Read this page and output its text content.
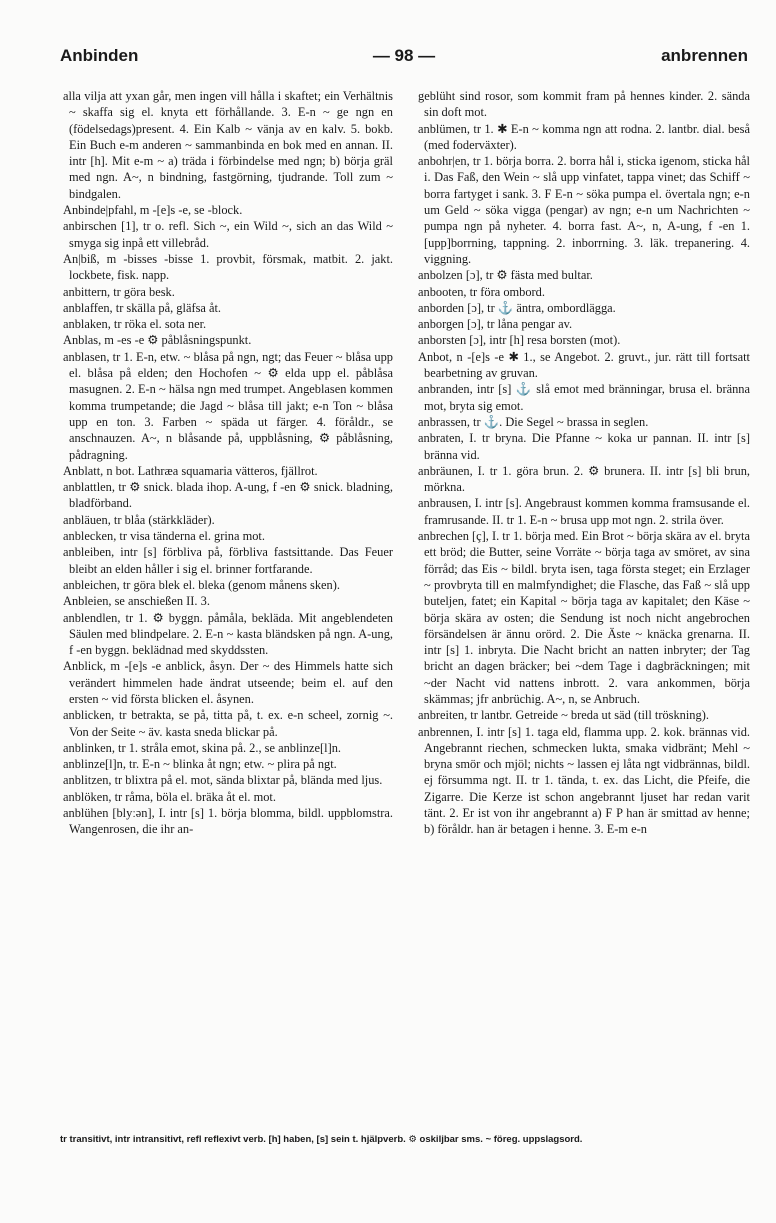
Anbinden	— 98 —	anbrennen

alla vilja att yxan går, men ingen vill hålla i skaftet; ein Verhältnis ~ skaffa sig el. knyta ett förhållande. 3. E-n ~ ge ngn en (födelsedags)present. 4. Ein Kalb ~ vänja av en kalv. 5. bokb. Ein Buch e-m anderen ~ sammanbinda en bok med en annan. II. intr [h]. Mit e-m ~ a) träda i förbindelse med ngn; b) börja gräl med ngn. A~, n bindning, fastgörning, tjudrande. Toll zum ~ bindgalen.

Anbinde|pfahl, m -[e]s -e, se -block.

anbirschen [1], tr o. refl. Sich ~, ein Wild ~, sich an das Wild ~ smyga sig inpå ett villebråd.

An|biß, m -bisses -bisse 1. provbit, försmak, matbit. 2. jakt. lockbete, fisk. napp.

anbittern, tr göra besk.

anblaffen, tr skälla på, gläfsa åt.

anblaken, tr röka el. sota ner.

Anblas, m -es -e ⚙ påblåsningspunkt.

anblasen, tr 1. E-n, etw. ~ blåsa på ngn, ngt; das Feuer ~ blåsa upp el. blåsa på elden; den Hochofen ~ ⚙ elda upp el. påblåsa masugnen. 2. E-n ~ hälsa ngn med trumpet. Angeblasen kommen komma trumpetande; die Jagd ~ blåsa till jakt; e-n Ton ~ blåsa upp en ton. 3. Farben ~ späda ut färger. 4. föråldr., se anschnauzen. A~, n blåsande på, uppblåsning, ⚙ påblåsning, pådragning.

Anblatt, n bot. Lathræa squamaria vätteros, fjällrot.

anblattlen, tr ⚙ snick. blada ihop. A-ung, f -en ⚙ snick. bladning, bladförband.

anbläuen, tr blåa (stärkkläder).

anblecken, tr visa tänderna el. grina mot.

anbleiben, intr [s] förbliva på, förbliva fastsittande. Das Feuer bleibt an elden håller i sig el. brinner fortfarande.

anbleichen, tr göra blek el. bleka (genom månens sken).

Anbleien, se anschießen II. 3.

anblendlen, tr 1. ⚙ byggn. påmåla, bekläda. Mit angeblendeten Säulen med blindpelare. 2. E-n ~ kasta bländsken på ngn. A-ung, f -en byggn. beklädnad med skyddssten.

Anblick, m -[e]s -e anblick, åsyn. Der ~ des Himmels hatte sich verändert himmelen hade ändrat utseende; beim el. auf den ersten ~ vid första blicken el. åsynen.

anblicken, tr betrakta, se på, titta på, t. ex. e-n scheel, zornig ~. Von der Seite ~ äv. kasta sneda blickar på.

anblinken, tr 1. stråla emot, skina på. 2., se anblinze[l]n.

anblinze[l]n, tr. E-n ~ blinka åt ngn; etw. ~ plira på ngt.

anblitzen, tr blixtra på el. mot, sända blixtar på, blända med ljus.

anblöken, tr råma, böla el. bräka åt el. mot.

anblühen [blyːən], I. intr [s] 1. börja blomma, bildl. uppblomstra. Wangenrosen, die ihr an-

geblüht sind rosor, som kommit fram på hennes kinder. 2. sända sin doft mot.

anblümen, tr 1. ✱ E-n ~ komma ngn att rodna. 2. lantbr. dial. beså (med foderväxter).

anbohr|en, tr 1. börja borra. 2. borra hål i, sticka igenom, sticka hål i. Das Faß, den Wein ~ slå upp vinfatet, tappa vinet; das Schiff ~ borra fartyget i sank. 3. F E-n ~ söka pumpa el. övertala ngn; e-n um Geld ~ söka vigga (pengar) av ngn; e-n um Nachrichten ~ pumpa ngn på nyheter. 4. borra fast. A~, n, A-ung, f -en 1. [upp]borrning, tappning. 2. inborrning. 3. läk. trepanering. 4. viggning.

anbolzen [ɔ], tr ⚙ fästa med bultar.

anbooten, tr föra ombord.

anborden [ɔ], tr ⚓ äntra, ombordlägga.

anborgen [ɔ], tr låna pengar av.

anborsten [ɔ], intr [h] resa borsten (mot).

Anbot, n -[e]s -e ✱ 1., se Angebot. 2. gruvt., jur. rätt till fortsatt bearbetning av gruvan.

anbranden, intr [s] ⚓ slå emot med bränningar, brusa el. bränna mot, bryta sig emot.

anbrassen, tr ⚓. Die Segel ~ brassa in seglen.

anbraten, I. tr bryna. Die Pfanne ~ koka ur pannan. II. intr [s] bränna vid.

anbräunen, I. tr 1. göra brun. 2. ⚙ brunera. II. intr [s] bli brun, mörkna.

anbrausen, I. intr [s]. Angebraust kommen komma framsusande el. framrusande. II. tr 1. E-n ~ brusa upp mot ngn. 2. strila över.

anbrechen [ç], I. tr 1. börja med. Ein Brot ~ börja skära av el. bryta ett bröd; die Butter, seine Vorräte ~ börja taga av smöret, av sina förråd; das Eis ~ bildl. bryta isen, taga första steget; ein Erzlager ~ provbryta till en malmfyndighet; die Flasche, das Faß ~ slå upp buteljen, fatet; ein Kapital ~ börja taga av kapitalet; den Käse ~ börja skära av osten; die Sendung ist noch nicht angebrochen försändelsen är ännu orörd. 2. Die Äste ~ knäcka grenarna. II. intr [s] 1. inbryta. Die Nacht bricht an natten inbryter; der Tag bricht an dagen bräcker; bei ~dem Tage i dagbräckningen; mit ~der Nacht vid nattens inbrott. 2. vara ankommen, börja skämmas; jfr anbrüchig. A~, n, se Anbruch.

anbreiten, tr lantbr. Getreide ~ breda ut säd (till tröskning).

anbrennen, I. intr [s] 1. taga eld, flamma upp. 2. kok. brännas vid. Angebrannt riechen, schmecken lukta, smaka vidbränt; Mehl ~ bryna smör och mjöl; nichts ~ lassen ej låta ngt vidbrännas, bildl. ej försumma ngt. II. tr 1. tända, t. ex. das Licht, die Pfeife, die Zigarre. Die Kerze ist schon angebrannt ljuset har redan varit tänt. 2. Er ist von ihr angebrannt a) F P han är smittad av henne; b) föråldr. han är betagen i henne. 3. E-m e-n

tr transitivt, intr intransitivt, refl reflexivt verb. [h] haben, [s] sein t. hjälpverb. ⚙ oskiljbar sms. ~ föreg. uppslagsord.
